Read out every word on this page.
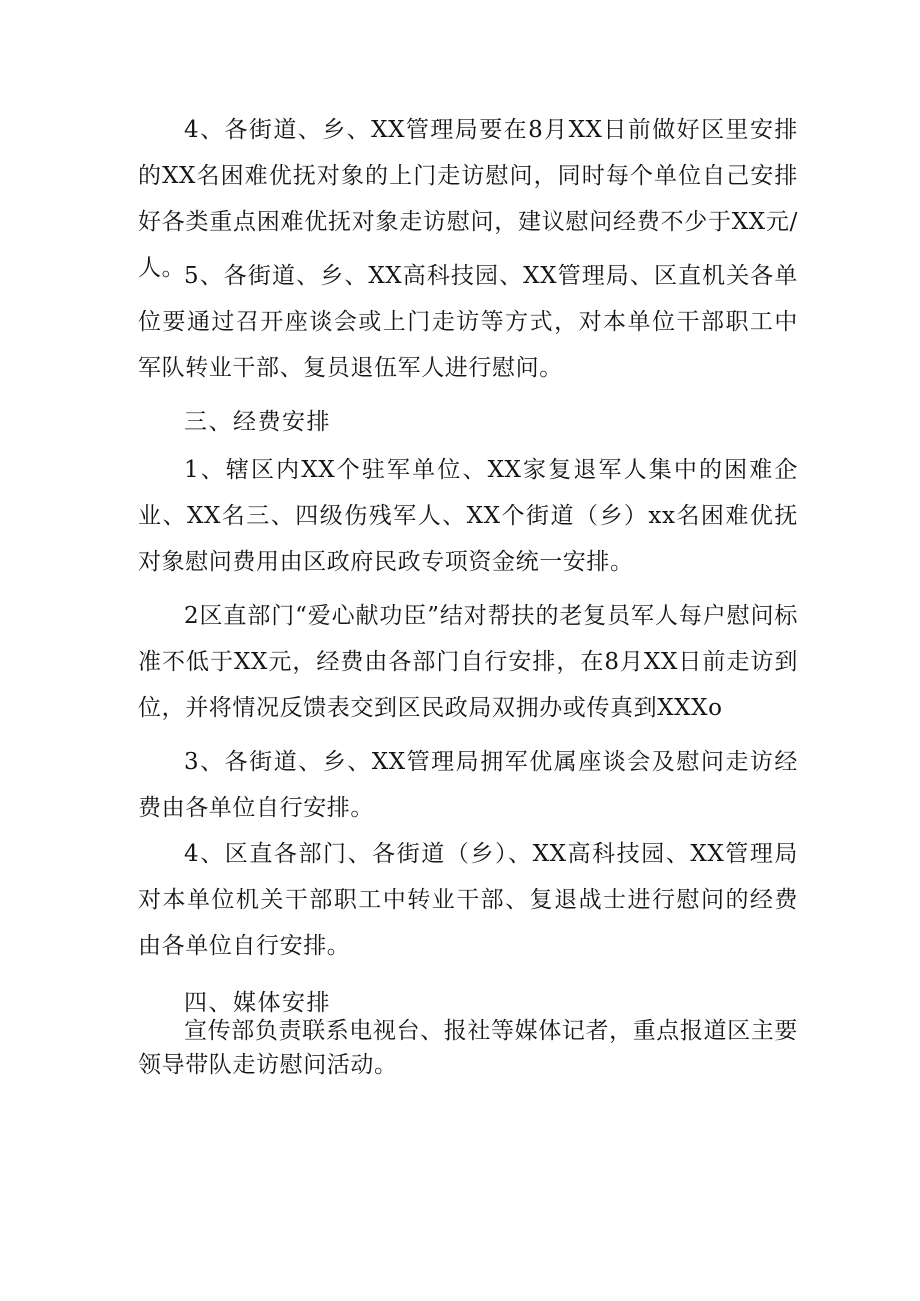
4、各街道、乡、XX管理局要在8月XX日前做好区里安排的XX名困难优抚对象的上门走访慰问，同时每个单位自己安排好各类重点困难优抚对象走访慰问，建议慰问经费不少于XX元/人。

5、各街道、乡、XX高科技园、XX管理局、区直机关各单位要通过召开座谈会或上门走访等方式，对本单位干部职工中军队转业干部、复员退伍军人进行慰问。

三、经费安排

1、辖区内XX个驻军单位、XX家复退军人集中的困难企业、XX名三、四级伤残军人、XX个街道（乡）xx名困难优抚对象慰问费用由区政府民政专项资金统一安排。

2区直部门“爱心献功臣”结对帮扶的老复员军人每户慰问标准不低于XX元，经费由各部门自行安排，在8月XX日前走访到位，并将情况反馈表交到区民政局双拥办或传真到XXXo

3、各街道、乡、XX管理局拥军优属座谈会及慰问走访经费由各单位自行安排。

4、区直各部门、各街道（乡）、XX高科技园、XX管理局对本单位机关干部职工中转业干部、复退战士进行慰问的经费由各单位自行安排。

四、媒体安排

宣传部负责联系电视台、报社等媒体记者，重点报道区主要领导带队走访慰问活动。
